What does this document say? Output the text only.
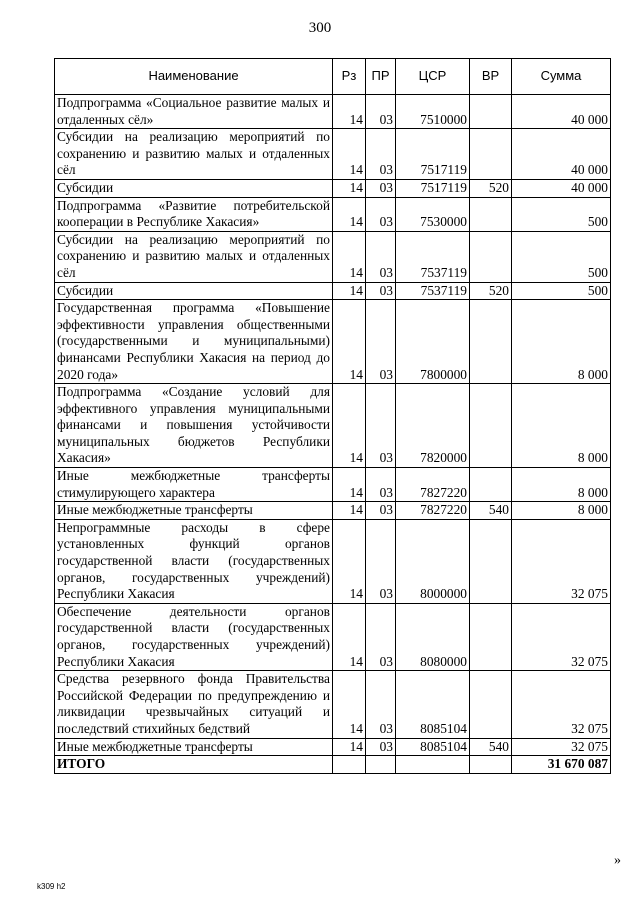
300
Наименование	Рз	ПР	ЦСР	ВР	Сумма
Подпрограмма «Социальное развитие малых и отдаленных сёл»	14	03	7510000		40 000
Субсидии на реализацию мероприятий по сохранению и развитию малых и отдаленных сёл	14	03	7517119		40 000
Субсидии	14	03	7517119	520	40 000
Подпрограмма «Развитие потребительской кооперации в Республике Хакасия»	14	03	7530000		500
Субсидии на реализацию мероприятий по сохранению и развитию малых и отдаленных сёл	14	03	7537119		500
Субсидии	14	03	7537119	520	500
Государственная программа «Повышение эффективности управления общественными (государственными и муниципальными) финансами Республики Хакасия на период до 2020 года»	14	03	7800000		8 000
Подпрограмма «Создание условий для эффективного управления муниципальными финансами и повышения устойчивости муниципальных бюджетов Республики Хакасия»	14	03	7820000		8 000
Иные межбюджетные трансферты стимулирующего характера	14	03	7827220		8 000
Иные межбюджетные трансферты	14	03	7827220	540	8 000
Непрограммные расходы в сфере установленных функций органов государственной власти (государственных органов, государственных учреждений) Республики Хакасия	14	03	8000000		32 075
Обеспечение деятельности органов государственной власти (государственных органов, государственных учреждений) Республики Хакасия	14	03	8080000		32 075
Средства резервного фонда Правительства Российской Федерации по предупреждению и ликвидации чрезвычайных ситуаций и последствий стихийных бедствий	14	03	8085104		32 075
Иные межбюджетные трансферты	14	03	8085104	540	32 075
ИТОГО					31 670 087
»
k309 h2
